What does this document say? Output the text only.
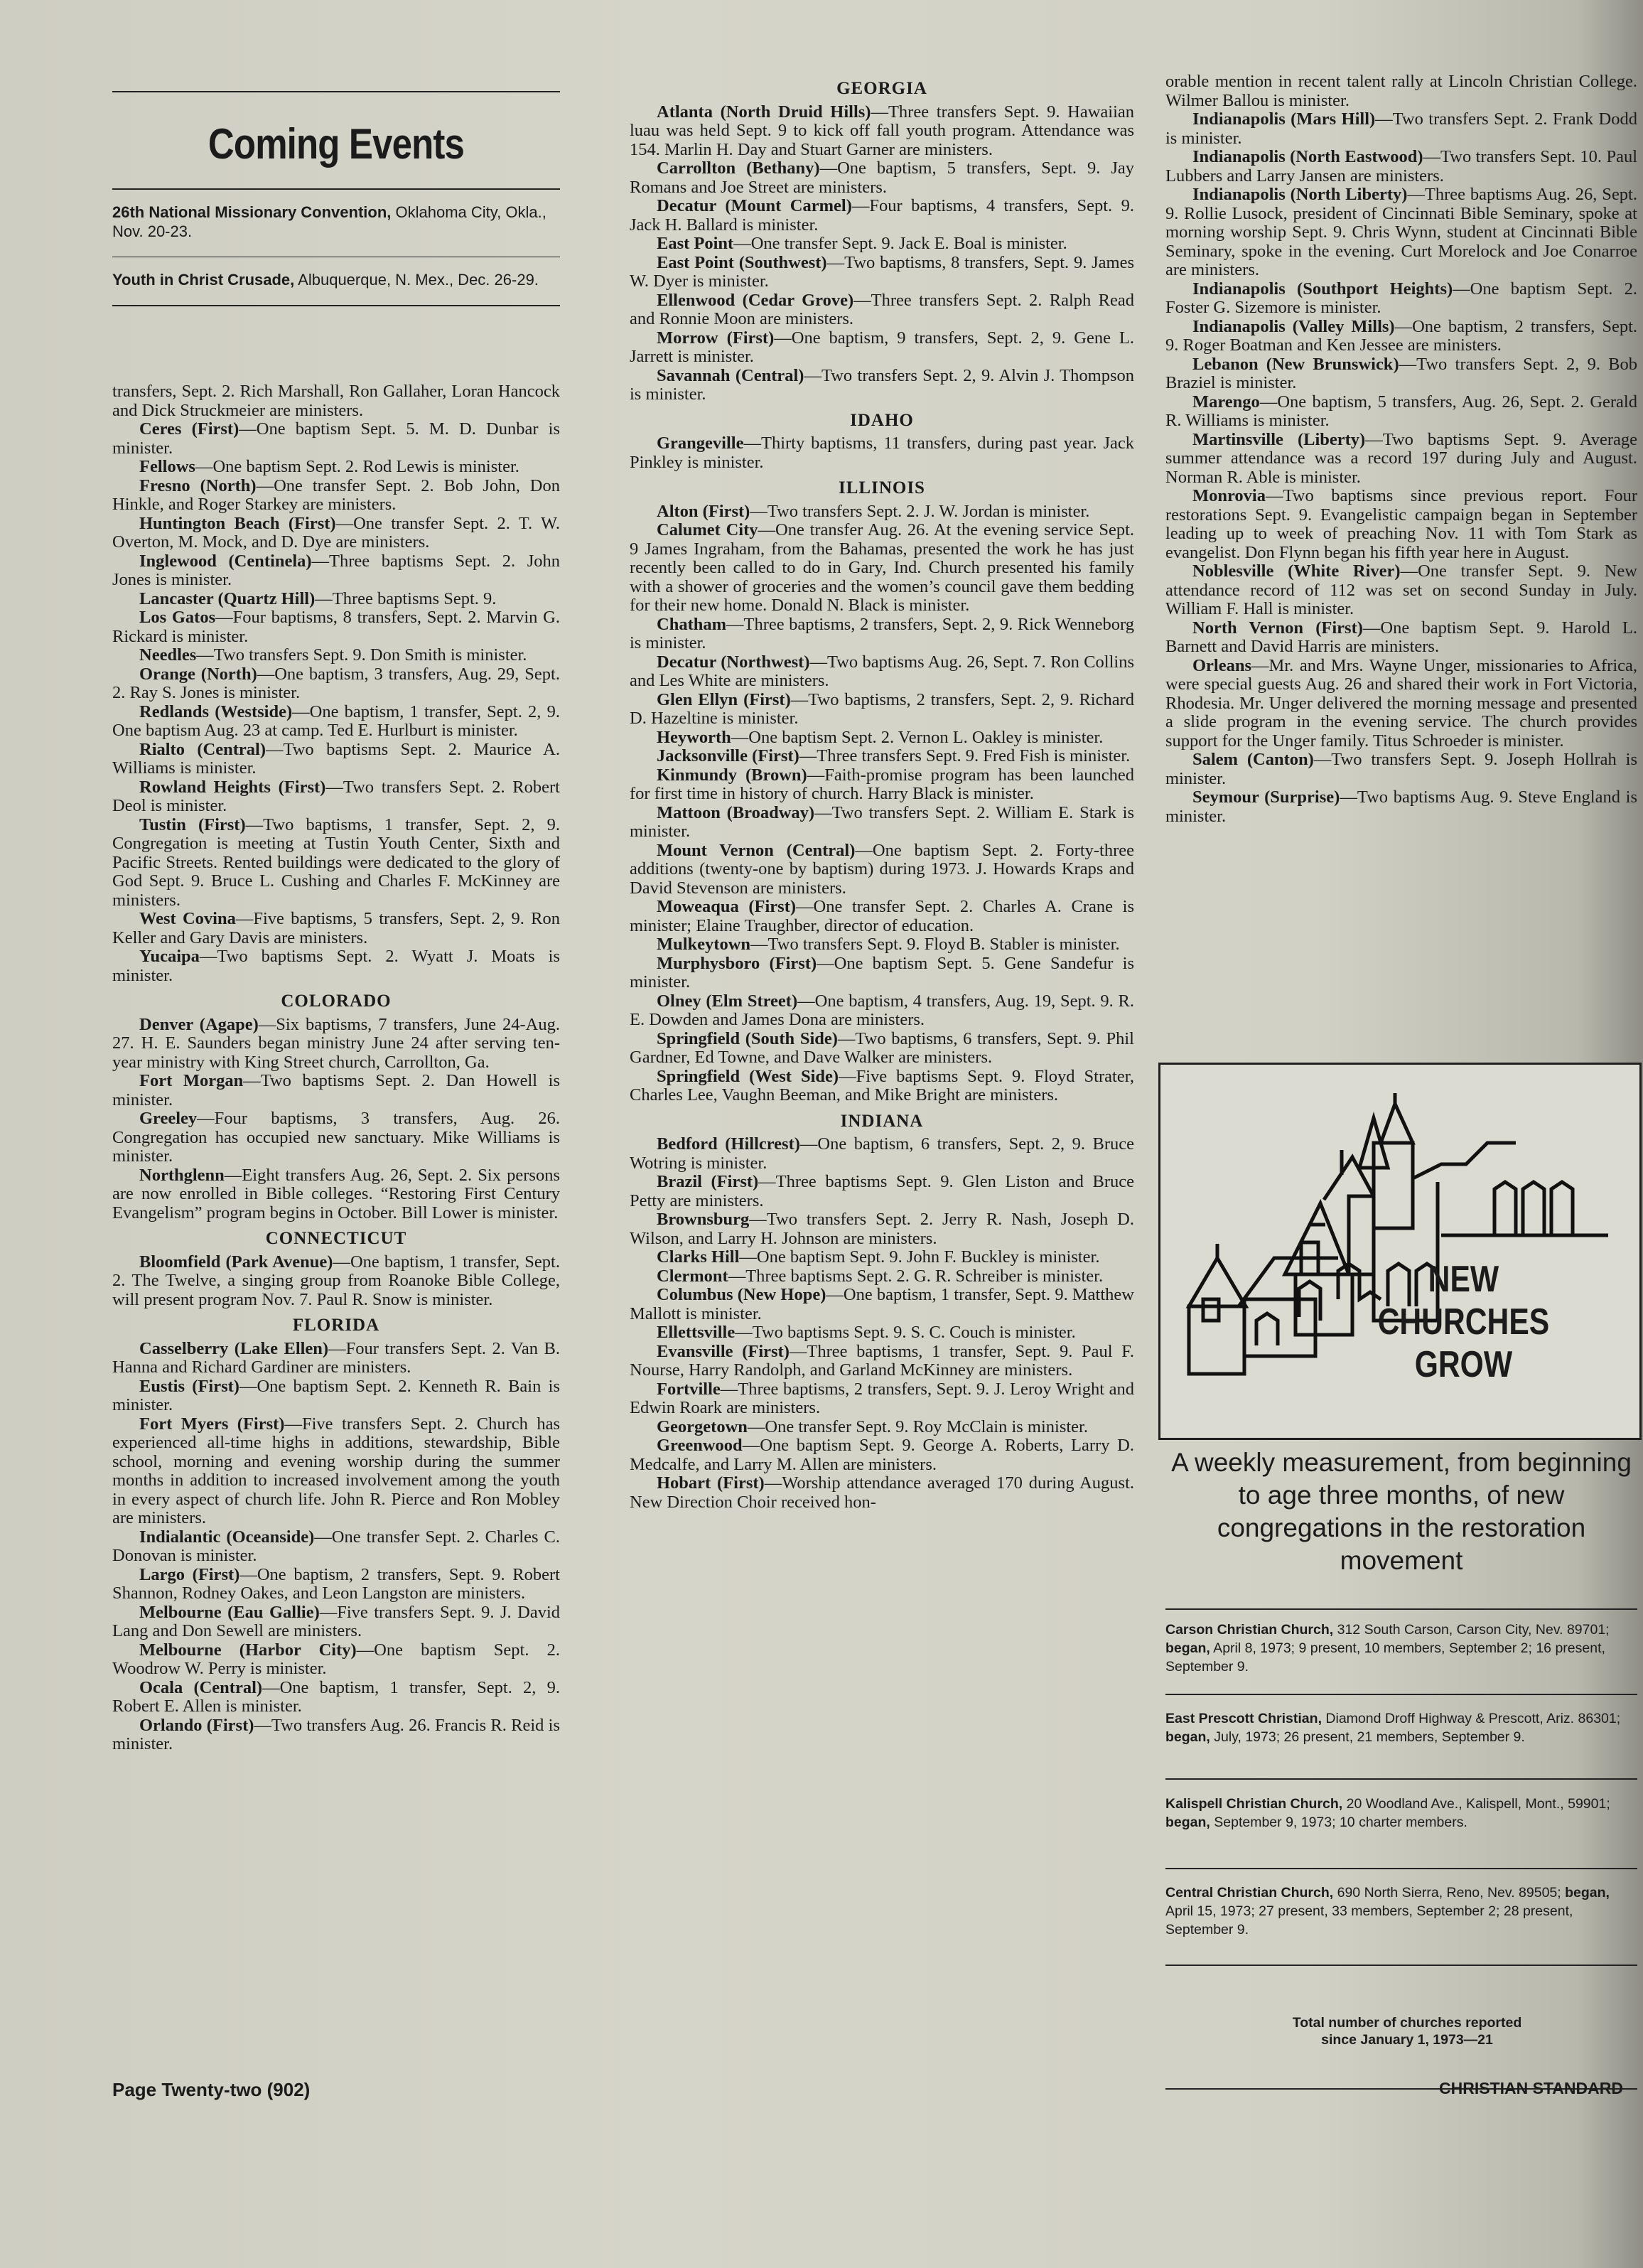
Coming Events
26th National Missionary Convention, Oklahoma City, Okla., Nov. 20-23.
Youth in Christ Crusade, Albuquerque, N. Mex., Dec. 26-29.

transfers, Sept. 2. Rich Marshall, Ron Gallaher, Loran Hancock and Dick Struckmeier are ministers.

Ceres (First)—One baptism Sept. 5. M. D. Dunbar is minister.

Fellows—One baptism Sept. 2. Rod Lewis is minister.

Fresno (North)—One transfer Sept. 2. Bob John, Don Hinkle, and Roger Starkey are ministers.

Huntington Beach (First)—One transfer Sept. 2. T. W. Overton, M. Mock, and D. Dye are ministers.

Inglewood (Centinela)—Three baptisms Sept. 2. John Jones is minister.

Lancaster (Quartz Hill)—Three baptisms Sept. 9.

Los Gatos—Four baptisms, 8 transfers, Sept. 2. Marvin G. Rickard is minister.

Needles—Two transfers Sept. 9. Don Smith is minister.

Orange (North)—One baptism, 3 transfers, Aug. 29, Sept. 2. Ray S. Jones is minister.

Redlands (Westside)—One baptism, 1 transfer, Sept. 2, 9. One baptism Aug. 23 at camp. Ted E. Hurlburt is minister.

Rialto (Central)—Two baptisms Sept. 2. Maurice A. Williams is minister.

Rowland Heights (First)—Two transfers Sept. 2. Robert Deol is minister.

Tustin (First)—Two baptisms, 1 transfer, Sept. 2, 9. Congregation is meeting at Tustin Youth Center, Sixth and Pacific Streets. Rented buildings were dedicated to the glory of God Sept. 9. Bruce L. Cushing and Charles F. McKinney are ministers.

West Covina—Five baptisms, 5 transfers, Sept. 2, 9. Ron Keller and Gary Davis are ministers.

Yucaipa—Two baptisms Sept. 2. Wyatt J. Moats is minister.

COLORADO

Denver (Agape)—Six baptisms, 7 transfers, June 24-Aug. 27. H. E. Saunders began ministry June 24 after serving ten-year ministry with King Street church, Carrollton, Ga.

Fort Morgan—Two baptisms Sept. 2. Dan Howell is minister.

Greeley—Four baptisms, 3 transfers, Aug. 26. Congregation has occupied new sanctuary. Mike Williams is minister.

Northglenn—Eight transfers Aug. 26, Sept. 2. Six persons are now enrolled in Bible colleges. “Restoring First Century Evangelism” program begins in October. Bill Lower is minister.

CONNECTICUT

Bloomfield (Park Avenue)—One baptism, 1 transfer, Sept. 2. The Twelve, a singing group from Roanoke Bible College, will present program Nov. 7. Paul R. Snow is minister.

FLORIDA

Casselberry (Lake Ellen)—Four transfers Sept. 2. Van B. Hanna and Richard Gardiner are ministers.

Eustis (First)—One baptism Sept. 2. Kenneth R. Bain is minister.

Fort Myers (First)—Five transfers Sept. 2. Church has experienced all-time highs in additions, stewardship, Bible school, morning and evening worship during the summer months in addition to increased involvement among the youth in every aspect of church life. John R. Pierce and Ron Mobley are ministers.

Indialantic (Oceanside)—One transfer Sept. 2. Charles C. Donovan is minister.

Largo (First)—One baptism, 2 transfers, Sept. 9. Robert Shannon, Rodney Oakes, and Leon Langston are ministers.

Melbourne (Eau Gallie)—Five transfers Sept. 9. J. David Lang and Don Sewell are ministers.

Melbourne (Harbor City)—One baptism Sept. 2. Woodrow W. Perry is minister.

Ocala (Central)—One baptism, 1 transfer, Sept. 2, 9. Robert E. Allen is minister.

Orlando (First)—Two transfers Aug. 26. Francis R. Reid is minister.

GEORGIA

Atlanta (North Druid Hills)—Three transfers Sept. 9. Hawaiian luau was held Sept. 9 to kick off fall youth program. Attendance was 154. Marlin H. Day and Stuart Garner are ministers.

Carrollton (Bethany)—One baptism, 5 transfers, Sept. 9. Jay Romans and Joe Street are ministers.

Decatur (Mount Carmel)—Four baptisms, 4 transfers, Sept. 9. Jack H. Ballard is minister.

East Point—One transfer Sept. 9. Jack E. Boal is minister.

East Point (Southwest)—Two baptisms, 8 transfers, Sept. 9. James W. Dyer is minister.

Ellenwood (Cedar Grove)—Three transfers Sept. 2. Ralph Read and Ronnie Moon are ministers.

Morrow (First)—One baptism, 9 transfers, Sept. 2, 9. Gene L. Jarrett is minister.

Savannah (Central)—Two transfers Sept. 2, 9. Alvin J. Thompson is minister.

IDAHO

Grangeville—Thirty baptisms, 11 transfers, during past year. Jack Pinkley is minister.

ILLINOIS

Alton (First)—Two transfers Sept. 2. J. W. Jordan is minister.

Calumet City—One transfer Aug. 26. At the evening service Sept. 9 James Ingraham, from the Bahamas, presented the work he has just recently been called to do in Gary, Ind. Church presented his family with a shower of groceries and the women’s council gave them bedding for their new home. Donald N. Black is minister.

Chatham—Three baptisms, 2 transfers, Sept. 2, 9. Rick Wenneborg is minister.

Decatur (Northwest)—Two baptisms Aug. 26, Sept. 7. Ron Collins and Les White are ministers.

Glen Ellyn (First)—Two baptisms, 2 transfers, Sept. 2, 9. Richard D. Hazeltine is minister.

Heyworth—One baptism Sept. 2. Vernon L. Oakley is minister.

Jacksonville (First)—Three transfers Sept. 9. Fred Fish is minister.

Kinmundy (Brown)—Faith-promise program has been launched for first time in history of church. Harry Black is minister.

Mattoon (Broadway)—Two transfers Sept. 2. William E. Stark is minister.

Mount Vernon (Central)—One baptism Sept. 2. Forty-three additions (twenty-one by baptism) during 1973. J. Howards Kraps and David Stevenson are ministers.

Moweaqua (First)—One transfer Sept. 2. Charles A. Crane is minister; Elaine Traughber, director of education.

Mulkeytown—Two transfers Sept. 9. Floyd B. Stabler is minister.

Murphysboro (First)—One baptism Sept. 5. Gene Sandefur is minister.

Olney (Elm Street)—One baptism, 4 transfers, Aug. 19, Sept. 9. R. E. Dowden and James Dona are ministers.

Springfield (South Side)—Two baptisms, 6 transfers, Sept. 9. Phil Gardner, Ed Towne, and Dave Walker are ministers.

Springfield (West Side)—Five baptisms Sept. 9. Floyd Strater, Charles Lee, Vaughn Beeman, and Mike Bright are ministers.

INDIANA

Bedford (Hillcrest)—One baptism, 6 transfers, Sept. 2, 9. Bruce Wotring is minister.

Brazil (First)—Three baptisms Sept. 9. Glen Liston and Bruce Petty are ministers.

Brownsburg—Two transfers Sept. 2. Jerry R. Nash, Joseph D. Wilson, and Larry H. Johnson are ministers.

Clarks Hill—One baptism Sept. 9. John F. Buckley is minister.

Clermont—Three baptisms Sept. 2. G. R. Schreiber is minister.

Columbus (New Hope)—One baptism, 1 transfer, Sept. 9. Matthew Mallott is minister.

Ellettsville—Two baptisms Sept. 9. S. C. Couch is minister.

Evansville (First)—Three baptisms, 1 transfer, Sept. 9. Paul F. Nourse, Harry Randolph, and Garland McKinney are ministers.

Fortville—Three baptisms, 2 transfers, Sept. 9. J. Leroy Wright and Edwin Roark are ministers.

Georgetown—One transfer Sept. 9. Roy McClain is minister.

Greenwood—One baptism Sept. 9. George A. Roberts, Larry D. Medcalfe, and Larry M. Allen are ministers.

Hobart (First)—Worship attendance averaged 170 during August. New Direction Choir received hon-

orable mention in recent talent rally at Lincoln Christian College. Wilmer Ballou is minister.

Indianapolis (Mars Hill)—Two transfers Sept. 2. Frank Dodd is minister.

Indianapolis (North Eastwood)—Two transfers Sept. 10. Paul Lubbers and Larry Jansen are ministers.

Indianapolis (North Liberty)—Three baptisms Aug. 26, Sept. 9. Rollie Lusock, president of Cincinnati Bible Seminary, spoke at morning worship Sept. 9. Chris Wynn, student at Cincinnati Bible Seminary, spoke in the evening. Curt Morelock and Joe Conarroe are ministers.

Indianapolis (Southport Heights)—One baptism Sept. 2. Foster G. Sizemore is minister.

Indianapolis (Valley Mills)—One baptism, 2 transfers, Sept. 9. Roger Boatman and Ken Jessee are ministers.

Lebanon (New Brunswick)—Two transfers Sept. 2, 9. Bob Braziel is minister.

Marengo—One baptism, 5 transfers, Aug. 26, Sept. 2. Gerald R. Williams is minister.

Martinsville (Liberty)—Two baptisms Sept. 9. Average summer attendance was a record 197 during July and August. Norman R. Able is minister.

Monrovia—Two baptisms since previous report. Four restorations Sept. 9. Evangelistic campaign began in September leading up to week of preaching Nov. 11 with Tom Stark as evangelist. Don Flynn began his fifth year here in August.

Noblesville (White River)—One transfer Sept. 9. New attendance record of 112 was set on second Sunday in July. William F. Hall is minister.

North Vernon (First)—One baptism Sept. 9. Harold L. Barnett and David Harris are ministers.

Orleans—Mr. and Mrs. Wayne Unger, missionaries to Africa, were special guests Aug. 26 and shared their work in Fort Victoria, Rhodesia. Mr. Unger delivered the morning message and presented a slide program in the evening service. The church provides support for the Unger family. Titus Schroeder is minister.

Salem (Canton)—Two transfers Sept. 9. Joseph Hollrah is minister.

Seymour (Surprise)—Two baptisms Aug. 9. Steve England is minister.

NEW
CHURCHES
GROW
A weekly measurement, from beginning to age three months, of new congregations in the restoration movement
Carson Christian Church, 312 South Carson, Carson City, Nev. 89701; began, April 8, 1973; 9 present, 10 members, September 2; 16 present, September 9.
East Prescott Christian, Diamond Droff Highway & Prescott, Ariz. 86301; began, July, 1973; 26 present, 21 members, September 9.
Kalispell Christian Church, 20 Woodland Ave., Kalispell, Mont., 59901; began, September 9, 1973; 10 charter members.
Central Christian Church, 690 North Sierra, Reno, Nev. 89505; began, April 15, 1973; 27 present, 33 members, September 2; 28 present, September 9.
Total number of churches reported
since January 1, 1973—21
Page Twenty-two (902)	CHRISTIAN STANDARD
